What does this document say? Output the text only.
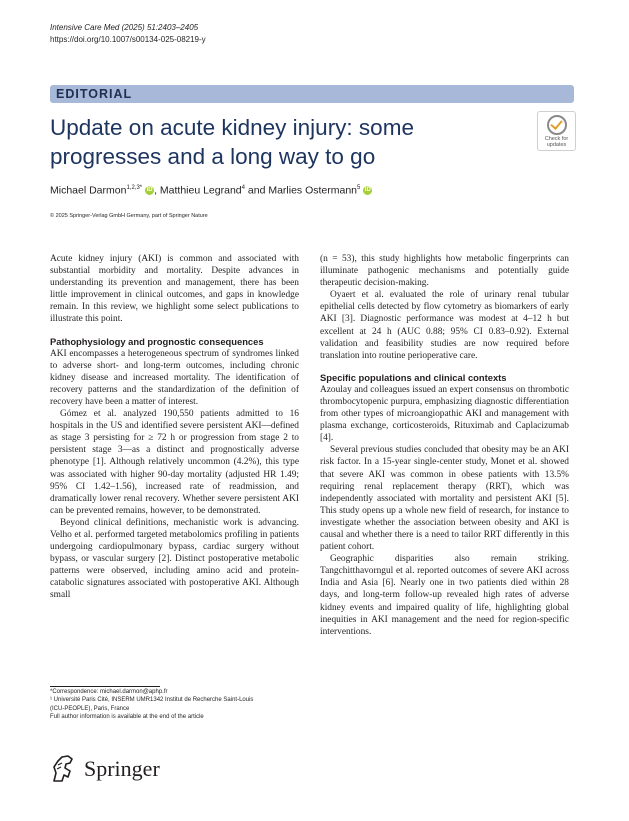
Intensive Care Med (2025) 51:2403–2405
https://doi.org/10.1007/s00134-025-08219-y
EDITORIAL
Update on acute kidney injury: some progresses and a long way to go
Check for
updates
Michael Darmon$^{1,2,3*}$ iD , Matthieu Legrand$^4$ and Marlies Ostermann$^5$ iD
© 2025 Springer-Verlag GmbH Germany, part of Springer Nature

Acute kidney injury (AKI) is common and associated with substantial morbidity and mortality. Despite advances in understanding its prevention and management, there has been little improvement in clinical outcomes, and gaps in knowledge remain. In this review, we highlight some select publications to illustrate this point.

Pathophysiology and prognostic consequences

AKI encompasses a heterogeneous spectrum of syndromes linked to adverse short- and long-term outcomes, including chronic kidney disease and increased mortality. The identification of recovery patterns and the standardization of the definition of recovery have been a matter of interest.

Gómez et al. analyzed 190,550 patients admitted to 16 hospitals in the US and identified severe persistent AKI—defined as stage 3 persisting for ≥ 72 h or progression from stage 2 to persistent stage 3—as a distinct and prognostically adverse phenotype [1]. Although relatively uncommon (4.2%), this type was associated with higher 90-day mortality (adjusted HR 1.49; 95% CI 1.42–1.56), increased rate of readmission, and dramatically lower renal recovery. Whether severe persistent AKI can be prevented remains, however, to be demonstrated.

Beyond clinical definitions, mechanistic work is advancing. Velho et al. performed targeted metabolomics profiling in patients undergoing cardiopulmonary bypass, cardiac surgery without bypass, or vascular surgery [2]. Distinct postoperative metabolic patterns were observed, including amino acid and protein-catabolic signatures associated with postoperative AKI. Although small

(n = 53), this study highlights how metabolic fingerprints can illuminate pathogenic mechanisms and potentially guide therapeutic decision-making.

Oyaert et al. evaluated the role of urinary renal tubular epithelial cells detected by flow cytometry as biomarkers of early AKI [3]. Diagnostic performance was modest at 4–12 h but excellent at 24 h (AUC 0.88; 95% CI 0.83–0.92). External validation and feasibility studies are now required before translation into routine perioperative care.

Specific populations and clinical contexts

Azoulay and colleagues issued an expert consensus on thrombotic thrombocytopenic purpura, emphasizing diagnostic differentiation from other types of microangiopathic AKI and management with plasma exchange, corticosteroids, Rituximab and Caplacizumab [4].

Several previous studies concluded that obesity may be an AKI risk factor. In a 15-year single-center study, Monet et al. showed that severe AKI was common in obese patients with 13.5% requiring renal replacement therapy (RRT), which was independently associated with mortality and persistent AKI [5]. This study opens up a whole new field of research, for instance to investigate whether the association between obesity and AKI is causal and whether there is a need to tailor RRT differently in this patient cohort.

Geographic disparities also remain striking. Tangchitthavorngul et al. reported outcomes of severe AKI across India and Asia [6]. Nearly one in two patients died within 28 days, and long-term follow-up revealed high rates of adverse kidney events and impaired quality of life, highlighting global inequities in AKI management and the need for region-specific interventions.

*Correspondence: michael.darmon@aphp.fr
¹ Université Paris Cité, INSERM UMR1342 Institut de Recherche Saint-Louis
(ICU-PEOPLE), Paris, France
Full author information is available at the end of the article
Springer
